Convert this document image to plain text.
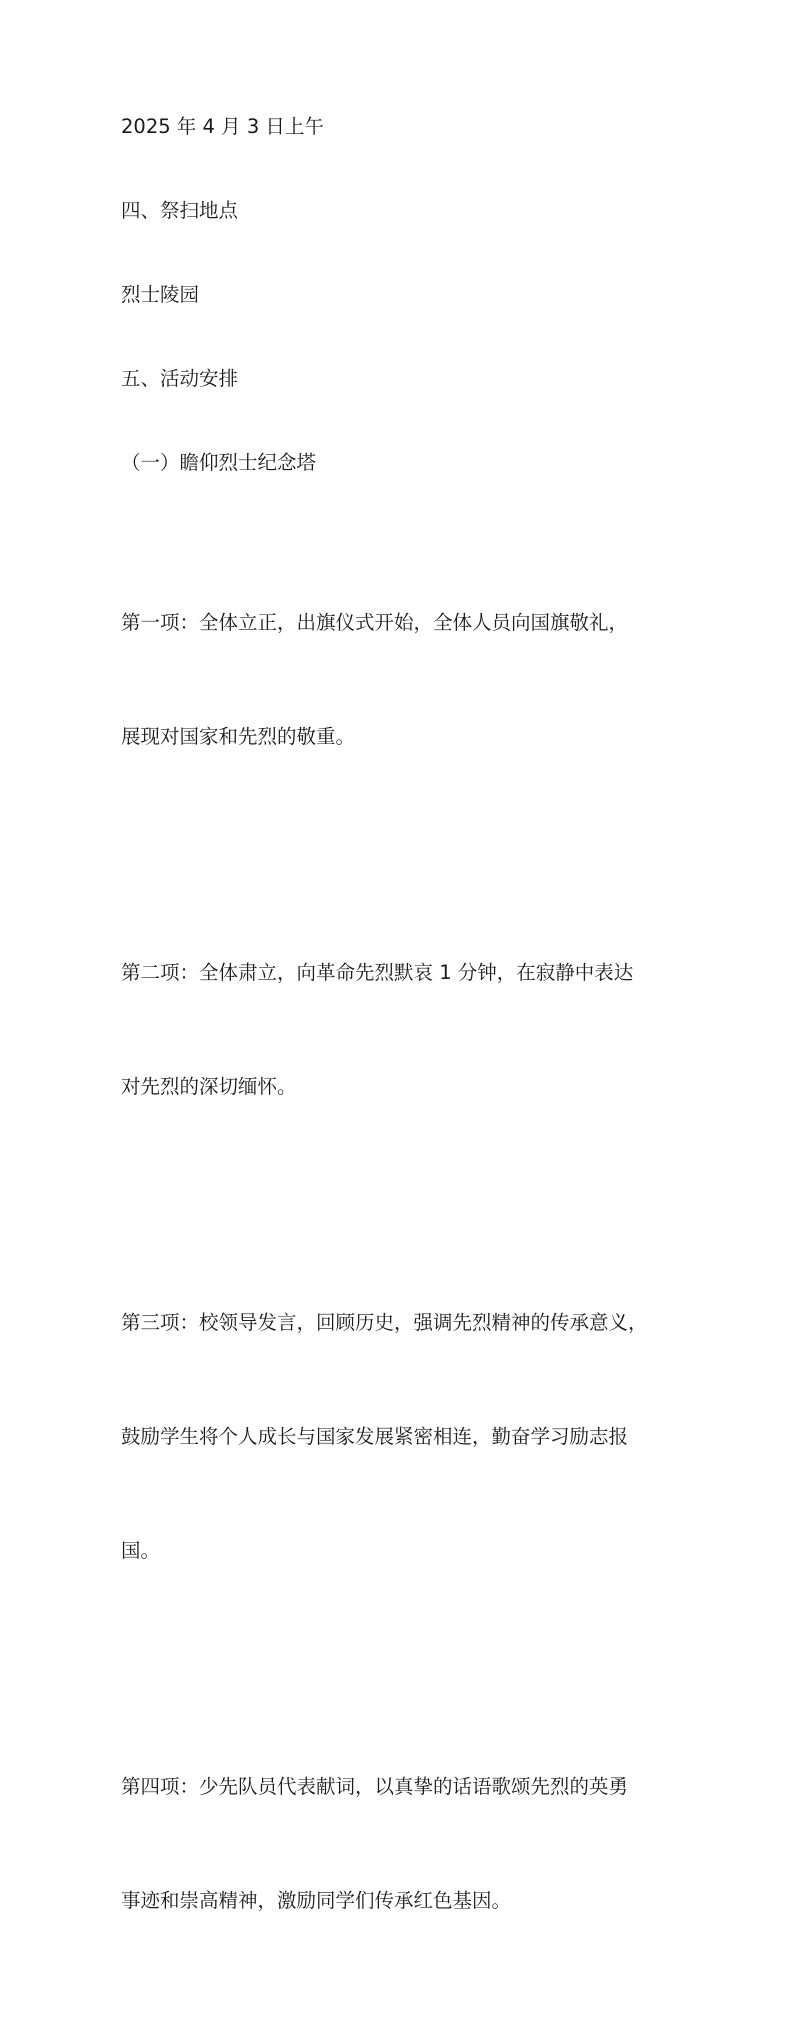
2025 年 4 月 3 日上午

四、祭扫地点

烈士陵园

五、活动安排

（一）瞻仰烈士纪念塔

第一项：全体立正，出旗仪式开始，全体人员向国旗敬礼，

展现对国家和先烈的敬重。

第二项：全体肃立，向革命先烈默哀 1 分钟，在寂静中表达

对先烈的深切缅怀。

第三项：校领导发言，回顾历史，强调先烈精神的传承意义，

鼓励学生将个人成长与国家发展紧密相连，勤奋学习励志报

国。

第四项：少先队员代表献词，以真挚的话语歌颂先烈的英勇

事迹和崇高精神，激励同学们传承红色基因。
